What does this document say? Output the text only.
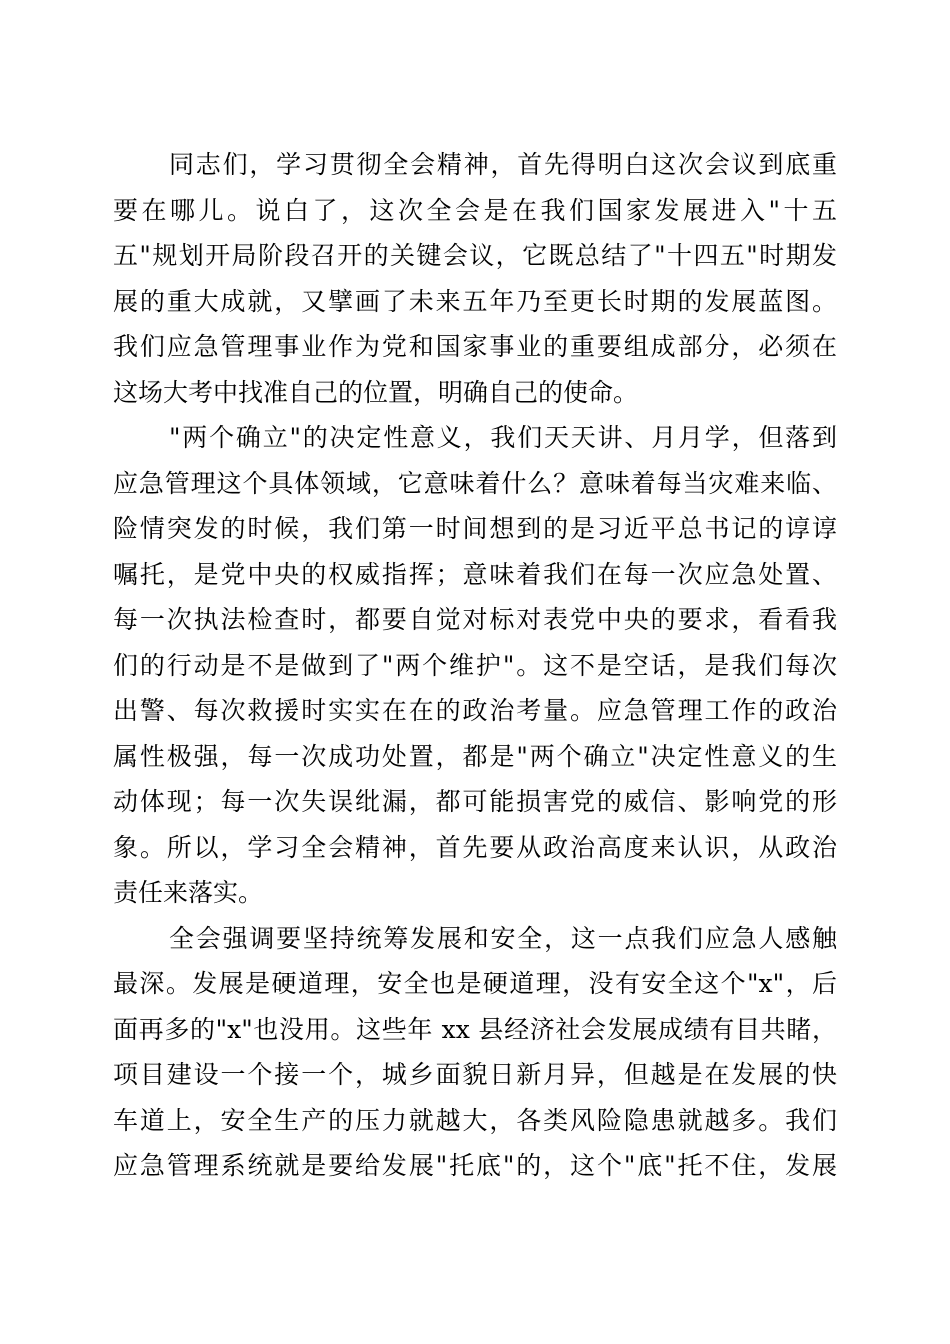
同志们，学习贯彻全会精神，首先得明白这次会议到底重
要在哪儿。说白了，这次全会是在我们国家发展进入"十五
五"规划开局阶段召开的关键会议，它既总结了"十四五"时期发
展的重大成就，又擘画了未来五年乃至更长时期的发展蓝图。
我们应急管理事业作为党和国家事业的重要组成部分，必须在
这场大考中找准自己的位置，明确自己的使命。
"两个确立"的决定性意义，我们天天讲、月月学，但落到
应急管理这个具体领域，它意味着什么？意味着每当灾难来临、
险情突发的时候，我们第一时间想到的是习近平总书记的谆谆
嘱托，是党中央的权威指挥；意味着我们在每一次应急处置、
每一次执法检查时，都要自觉对标对表党中央的要求，看看我
们的行动是不是做到了"两个维护"。这不是空话，是我们每次
出警、每次救援时实实在在的政治考量。应急管理工作的政治
属性极强，每一次成功处置，都是"两个确立"决定性意义的生
动体现；每一次失误纰漏，都可能损害党的威信、影响党的形
象。所以，学习全会精神，首先要从政治高度来认识，从政治
责任来落实。
全会强调要坚持统筹发展和安全，这一点我们应急人感触
最深。发展是硬道理，安全也是硬道理，没有安全这个"x"，后
面再多的"x"也没用。这些年 xx 县经济社会发展成绩有目共睹，
项目建设一个接一个，城乡面貌日新月异，但越是在发展的快
车道上，安全生产的压力就越大，各类风险隐患就越多。我们
应急管理系统就是要给发展"托底"的，这个"底"托不住，发展
